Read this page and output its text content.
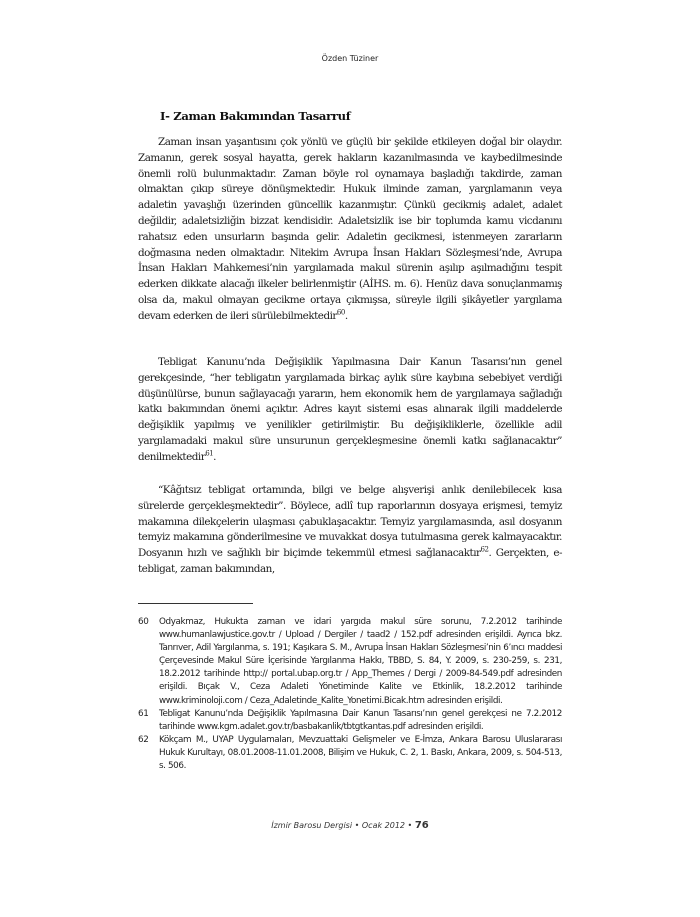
Özden Tüziner
I- Zaman Bakımından Tasarruf

Zaman insan yaşantısını çok yönlü ve güçlü bir şekilde etkileyen doğal bir olaydır. Zamanın, gerek sosyal hayatta, gerek hakların kazanılmasında ve kaybedilmesinde önemli rolü bulunmaktadır. Zaman böyle rol oynamaya başladığı takdirde, zaman olmaktan çıkıp süreye dönüşmektedir. Hukuk ilminde zaman, yargılamanın veya adaletin yavaşlığı üzerinden güncellik kazanmıştır. Çünkü gecikmiş adalet, adalet değildir, adaletsizliğin bizzat kendisidir. Adaletsizlik ise bir toplumda kamu vicdanını rahatsız eden unsurların başında gelir. Adaletin gecikmesi, istenmeyen zararların doğmasına neden olmaktadır. Nitekim Avrupa İnsan Hakları Sözleşmesi’nde, Avrupa İnsan Hakları Mahkemesi’nin yargılamada makul sürenin aşılıp aşılmadığını tespit ederken dikkate alacağı ilkeler belirlenmiştir (AİHS. m. 6). Henüz dava sonuçlanmamış olsa da, makul olmayan gecikme ortaya çıkmışsa, süreyle ilgili şikâyetler yargılama devam ederken de ileri sürülebilmektedir$^{60}$.

Tebligat Kanunu’nda Değişiklik Yapılmasına Dair Kanun Tasarısı’nın genel gerekçesinde, “her tebligatın yargılamada birkaç aylık süre kaybına sebebiyet verdiği düşünülürse, bunun sağlayacağı yararın, hem ekonomik hem de yargılamaya sağladığı katkı bakımından önemi açıktır. Adres kayıt sistemi esas alınarak ilgili maddelerde değişiklik yapılmış ve yenilikler getirilmiştir. Bu değişikliklerle, özellikle adil yargılamadaki makul süre unsurunun gerçekleşmesine önemli katkı sağlanacaktır” denilmektedir$^{61}$.

“Kâğıtsız tebligat ortamında, bilgi ve belge alışverişi anlık denilebilecek kısa sürelerde gerçekleşmektedir”. Böylece, adlî tup raporlarının dosyaya erişmesi, temyiz makamına dilekçelerin ulaşması çabuklaşacaktır. Temyiz yargılamasında, asıl dosyanın temyiz makamına gönderilmesine ve muvakkat dosya tutulmasına gerek kalmayacaktır. Dosyanın hızlı ve sağlıklı bir biçimde tekemmül etmesi sağlanacaktır$^{62}$. Gerçekten, e-tebligat, zaman bakımından,

60	Odyakmaz, Hukukta zaman ve idari yargıda makul süre sorunu, 7.2.2012 tarihinde www.humanlawjustice.gov.tr / Upload / Dergiler / taad2 / 152.pdf adresinden erişildi. Ayrıca bkz. Tanrıver, Adil Yargılanma, s. 191; Kaşıkara S. M., Avrupa İnsan Hakları Sözleşmesi’nin 6’ıncı maddesi Çerçevesinde Makul Süre İçerisinde Yargılanma Hakkı, TBBD, S. 84, Y. 2009, s. 230-259, s. 231, 18.2.2012 tarihinde http:// portal.ubap.org.tr / App_Themes / Dergi / 2009-84-549.pdf adresinden erişildi. Bıçak V., Ceza Adaleti Yönetiminde Kalite ve Etkinlik, 18.2.2012 tarihinde www.kriminoloji.com / Ceza_Adaletinde_Kalite_Yonetimi.Bicak.htm adresinden erişildi.
61	Tebligat Kanunu’nda Değişiklik Yapılmasına Dair Kanun Tasarısı’nın genel gerekçesi ne 7.2.2012 tarihinde www.kgm.adalet.gov.tr/basbakanlik/tbtgtkantas.pdf adresinden erişildi.
62	Kökçam M., UYAP Uygulamaları, Mevzuattaki Gelişmeler ve E-İmza, Ankara Barosu Uluslararası Hukuk Kurultayı, 08.01.2008-11.01.2008, Bilişim ve Hukuk, C. 2, 1. Baskı, Ankara, 2009, s. 504-513, s. 506.
İzmir Barosu Dergisi • Ocak 2012 • 76
